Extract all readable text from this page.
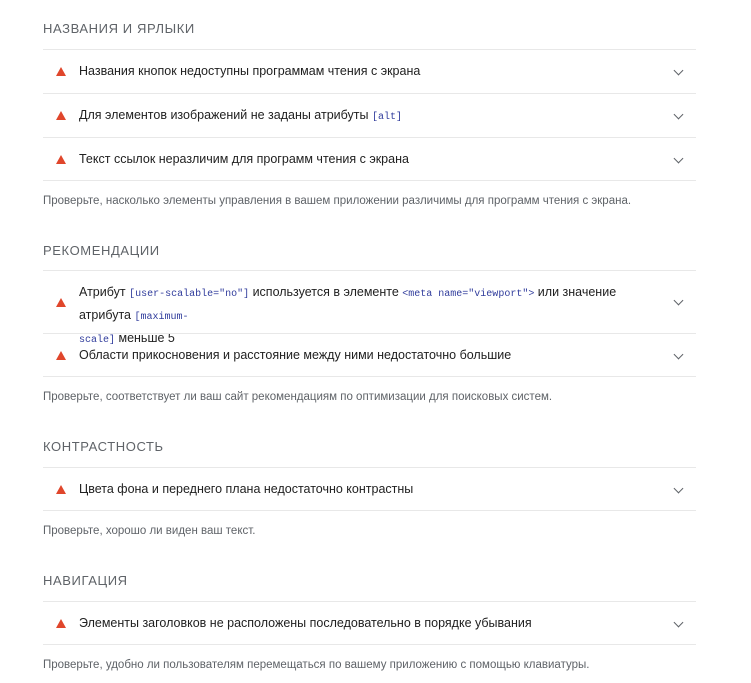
НАЗВАНИЯ И ЯРЛЫКИ
Названия кнопок недоступны программам чтения с экрана
Для элементов изображений не заданы атрибуты [alt]
Текст ссылок неразличим для программ чтения с экрана
Проверьте, насколько элементы управления в вашем приложении различимы для программ чтения с экрана.
РЕКОМЕНДАЦИИ
Атрибут [user-scalable="no"] используется в элементе <meta name="viewport"> или значение атрибута [maximum-
scale] меньше 5
Области прикосновения и расстояние между ними недостаточно большие
Проверьте, соответствует ли ваш сайт рекомендациям по оптимизации для поисковых систем.
КОНТРАСТНОСТЬ
Цвета фона и переднего плана недостаточно контрастны
Проверьте, хорошо ли виден ваш текст.
НАВИГАЦИЯ
Элементы заголовков не расположены последовательно в порядке убывания
Проверьте, удобно ли пользователям перемещаться по вашему приложению с помощью клавиатуры.
